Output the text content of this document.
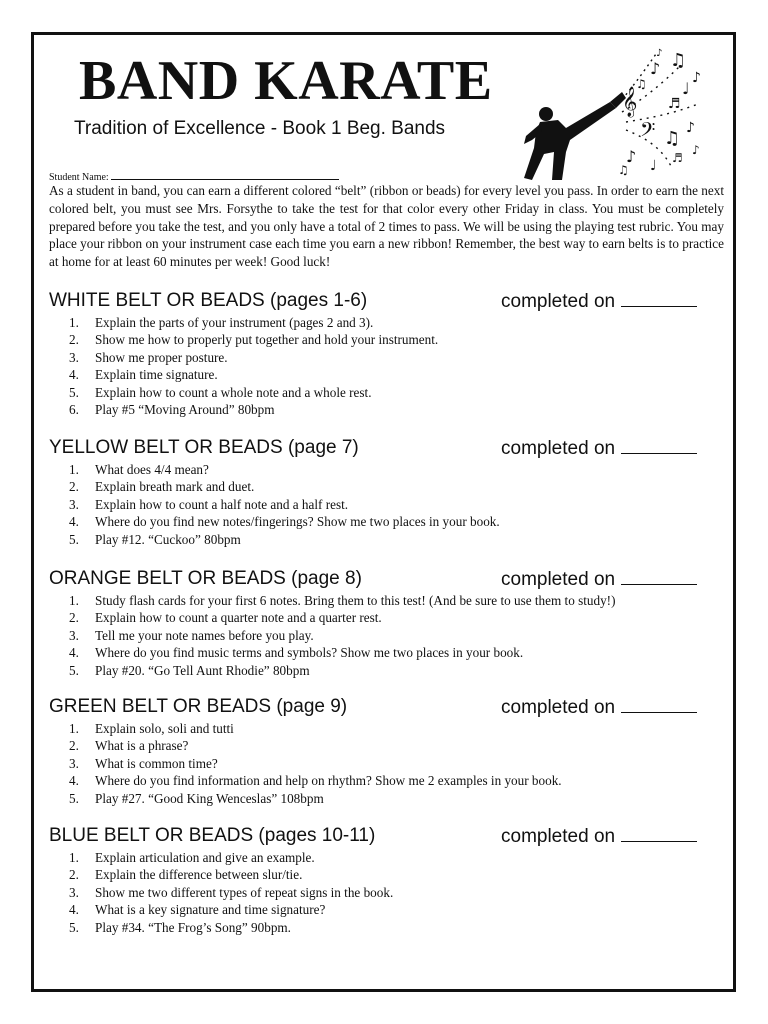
BAND KARATE

Tradition of Excellence - Book 1 Beg. Bands

𝄞
♪ ♫
♩
♪
♫
♬
𝄢 ♫ ♪
♪ ♩ ♬
♪
♪
♫
Student Name:

As a student in band, you can earn a different colored “belt” (ribbon or beads) for every level you pass. In order to earn the next colored belt, you must see Mrs. Forsythe to take the test for that color every other Friday in class. You must be completely prepared before you take the test, and you only have a total of 2 times to pass. We will be using the playing test rubric. You may place your ribbon on your instrument case each time you earn a new ribbon! Remember, the best way to earn belts is to practice at home for at least 60 minutes per week! Good luck!

WHITE BELT OR BEADS (pages 1-6)	completed on
1. Explain the parts of your instrument (pages 2 and 3).
2. Show me how to properly put together and hold your instrument.
3. Show me proper posture.
4. Explain time signature.
5. Explain how to count a whole note and a whole rest.
6. Play #5 “Moving Around” 80bpm
YELLOW BELT OR BEADS (page 7)	completed on
1. What does 4/4 mean?
2. Explain breath mark and duet.
3. Explain how to count a half note and a half rest.
4. Where do you find new notes/fingerings? Show me two places in your book.
5. Play #12. “Cuckoo” 80bpm
ORANGE BELT OR BEADS (page 8)	completed on
1. Study flash cards for your first 6 notes. Bring them to this test! (And be sure to use them to study!)
2. Explain how to count a quarter note and a quarter rest.
3. Tell me your note names before you play.
4. Where do you find music terms and symbols? Show me two places in your book.
5. Play #20. “Go Tell Aunt Rhodie” 80bpm
GREEN BELT OR BEADS (page 9)	completed on
1. Explain solo, soli and tutti
2. What is a phrase?
3. What is common time?
4. Where do you find information and help on rhythm? Show me 2 examples in your book.
5. Play #27. “Good King Wenceslas” 108bpm
BLUE BELT OR BEADS (pages 10-11)	completed on
1. Explain articulation and give an example.
2. Explain the difference between slur/tie.
3. Show me two different types of repeat signs in the book.
4. What is a key signature and time signature?
5. Play #34. “The Frog’s Song” 90bpm.
